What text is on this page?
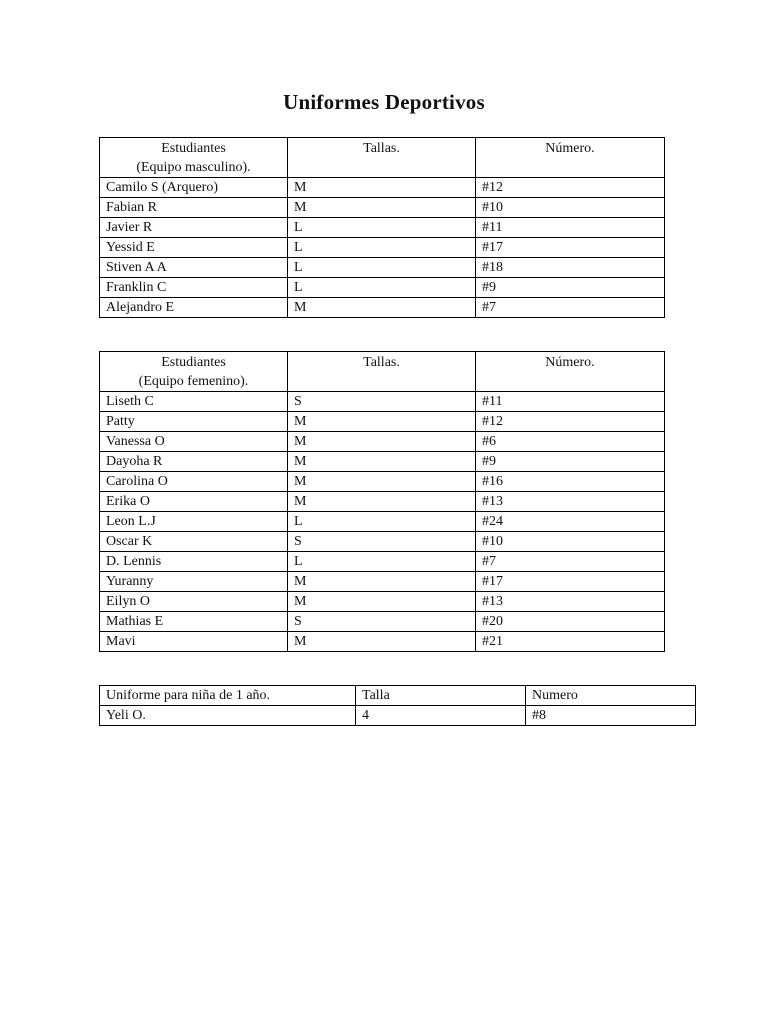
Uniformes Deportivos
Estudiantes
(Equipo masculino).	Tallas.	Número.
Camilo S (Arquero)	M	#12
Fabian R	M	#10
Javier R	L	#11
Yessid E	L	#17
Stiven A A	L	#18
Franklin C	L	#9
Alejandro E	M	#7
Estudiantes
(Equipo femenino).	Tallas.	Número.
Liseth C	S	#11
Patty	M	#12
Vanessa O	M	#6
Dayoha R	M	#9
Carolina O	M	#16
Erika O	M	#13
Leon L.J	L	#24
Oscar K	S	#10
D. Lennis	L	#7
Yuranny	M	#17
Eilyn O	M	#13
Mathias E	S	#20
Mavi	M	#21
Uniforme para niña de 1 año.	Talla	Numero
Yeli O.	4	#8
